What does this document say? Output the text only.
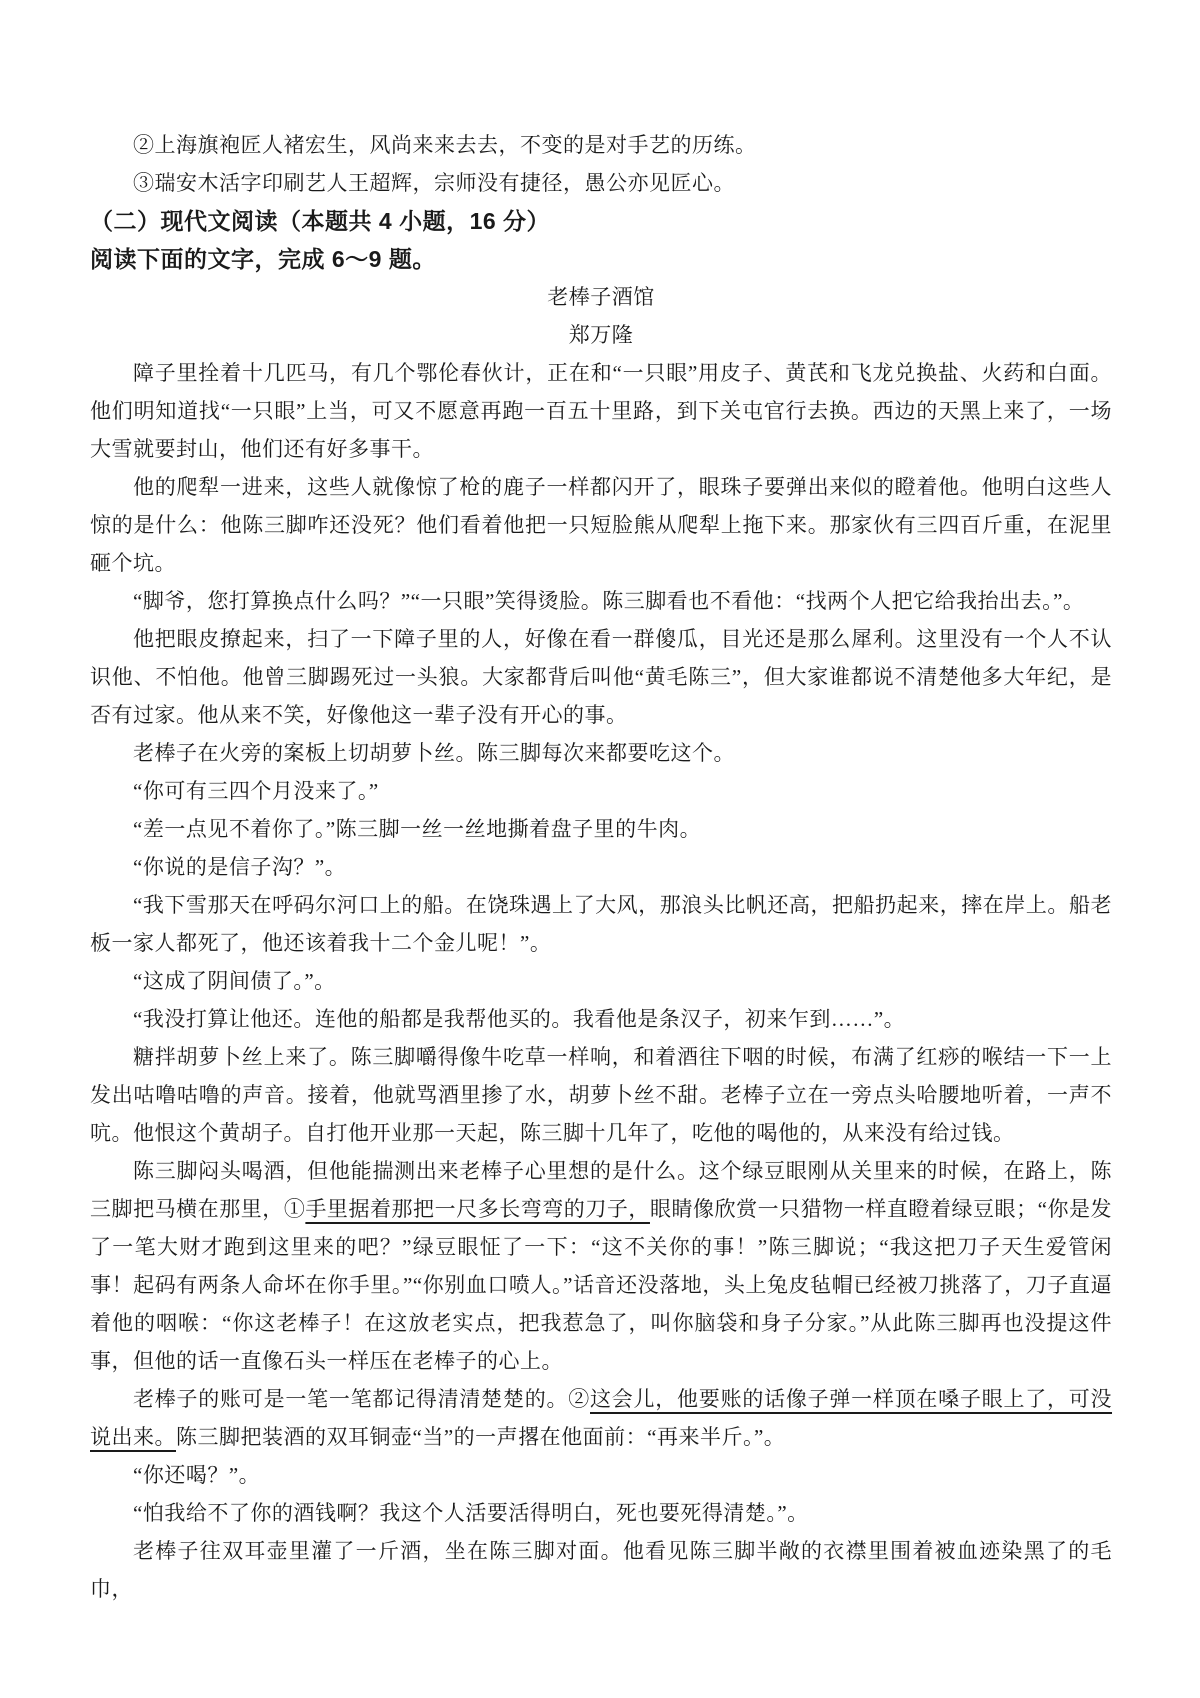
②上海旗袍匠人褚宏生，风尚来来去去，不变的是对手艺的历练。

③瑞安木活字印刷艺人王超辉，宗师没有捷径，愚公亦见匠心。

（二）现代文阅读（本题共 4 小题，16 分）

阅读下面的文字，完成 6～9 题。

老棒子酒馆

郑万隆

障子里拴着十几匹马，有几个鄂伦春伙计，正在和“一只眼”用皮子、黄芪和飞龙兑换盐、火药和白面。他们明知道找“一只眼”上当，可又不愿意再跑一百五十里路，到下关屯官行去换。西边的天黑上来了，一场大雪就要封山，他们还有好多事干。

他的爬犁一进来，这些人就像惊了枪的鹿子一样都闪开了，眼珠子要弹出来似的瞪着他。他明白这些人惊的是什么：他陈三脚咋还没死？他们看着他把一只短脸熊从爬犁上拖下来。那家伙有三四百斤重，在泥里砸个坑。

“脚爷，您打算换点什么吗？”“一只眼”笑得烫脸。陈三脚看也不看他：“找两个人把它给我抬出去。”。

他把眼皮撩起来，扫了一下障子里的人，好像在看一群傻瓜，目光还是那么犀利。这里没有一个人不认识他、不怕他。他曾三脚踢死过一头狼。大家都背后叫他“黄毛陈三”，但大家谁都说不清楚他多大年纪，是否有过家。他从来不笑，好像他这一辈子没有开心的事。

老棒子在火旁的案板上切胡萝卜丝。陈三脚每次来都要吃这个。

“你可有三四个月没来了。”

“差一点见不着你了。”陈三脚一丝一丝地撕着盘子里的牛肉。

“你说的是信子沟？”。

“我下雪那天在呼码尔河口上的船。在饶珠遇上了大风，那浪头比帆还高，把船扔起来，摔在岸上。船老板一家人都死了，他还该着我十二个金儿呢！”。

“这成了阴间债了。”。

“我没打算让他还。连他的船都是我帮他买的。我看他是条汉子，初来乍到……”。

糖拌胡萝卜丝上来了。陈三脚嚼得像牛吃草一样响，和着酒往下咽的时候，布满了红痧的喉结一下一上发出咕噜咕噜的声音。接着，他就骂酒里掺了水，胡萝卜丝不甜。老棒子立在一旁点头哈腰地听着，一声不吭。他恨这个黄胡子。自打他开业那一天起，陈三脚十几年了，吃他的喝他的，从来没有给过钱。

陈三脚闷头喝酒，但他能揣测出来老棒子心里想的是什么。这个绿豆眼刚从关里来的时候，在路上，陈三脚把马横在那里，①手里据着那把一尺多长弯弯的刀子，眼睛像欣赏一只猎物一样直瞪着绿豆眼；“你是发了一笔大财才跑到这里来的吧？”绿豆眼怔了一下：“这不关你的事！”陈三脚说；“我这把刀子天生爱管闲事！起码有两条人命坏在你手里。”“你别血口喷人。”话音还没落地，头上兔皮毡帽已经被刀挑落了，刀子直逼着他的咽喉：“你这老棒子！在这放老实点，把我惹急了，叫你脑袋和身子分家。”从此陈三脚再也没提这件事，但他的话一直像石头一样压在老棒子的心上。

老棒子的账可是一笔一笔都记得清清楚楚的。②这会儿，他要账的话像子弹一样顶在嗓子眼上了，可没说出来。陈三脚把装酒的双耳铜壶“当”的一声撂在他面前：“再来半斤。”。

“你还喝？”。

“怕我给不了你的酒钱啊？我这个人活要活得明白，死也要死得清楚。”。

老棒子往双耳壶里灌了一斤酒，坐在陈三脚对面。他看见陈三脚半敞的衣襟里围着被血迹染黑了的毛巾，
